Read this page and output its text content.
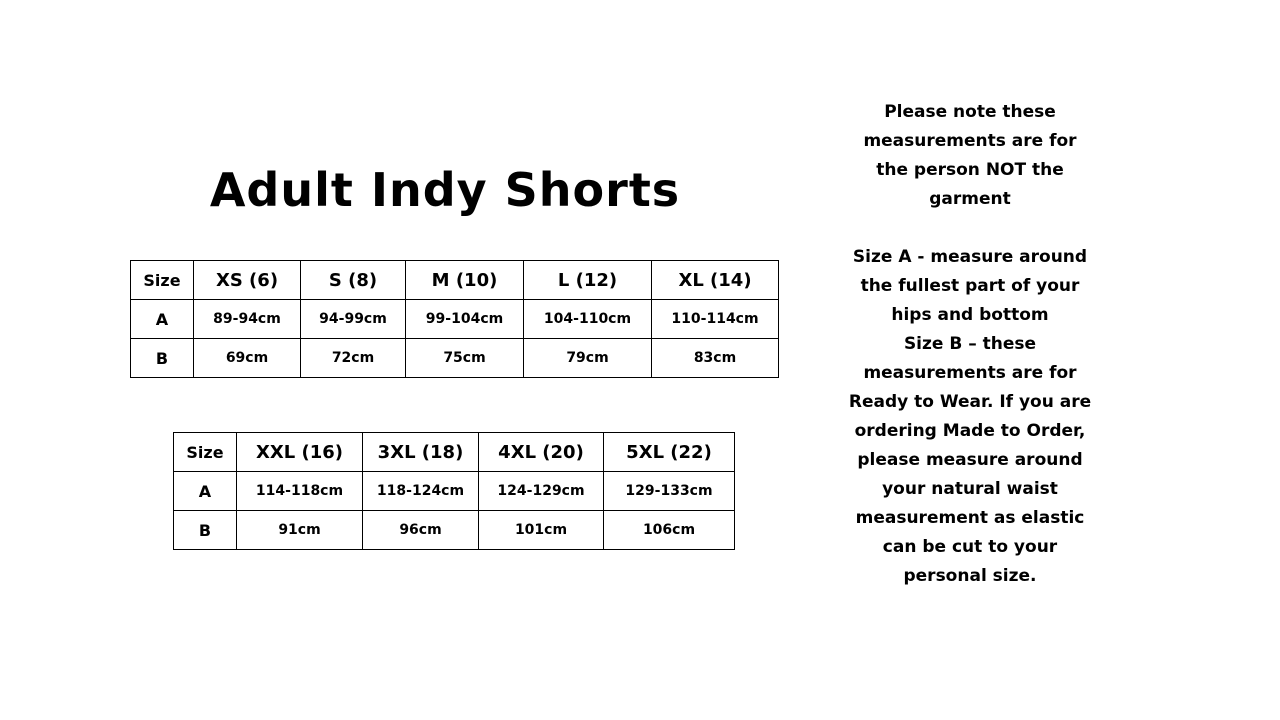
Adult Indy Shorts
Size	XS (6)	S (8)	M (10)	L (12)	XL (14)
A	89-94cm	94-99cm	99-104cm	104-110cm	110-114cm
B	69cm	72cm	75cm	79cm	83cm
Size	XXL (16)	3XL (18)	4XL (20)	5XL (22)
A	114-118cm	118-124cm	124-129cm	129-133cm
B	91cm	96cm	101cm	106cm

Please note these measurements are for the person NOT the garment

Size A - measure around the fullest part of your hips and bottom

Size B – these measurements are for Ready to Wear. If you are ordering Made to Order, please measure around your natural waist measurement as elastic can be cut to your personal size.
